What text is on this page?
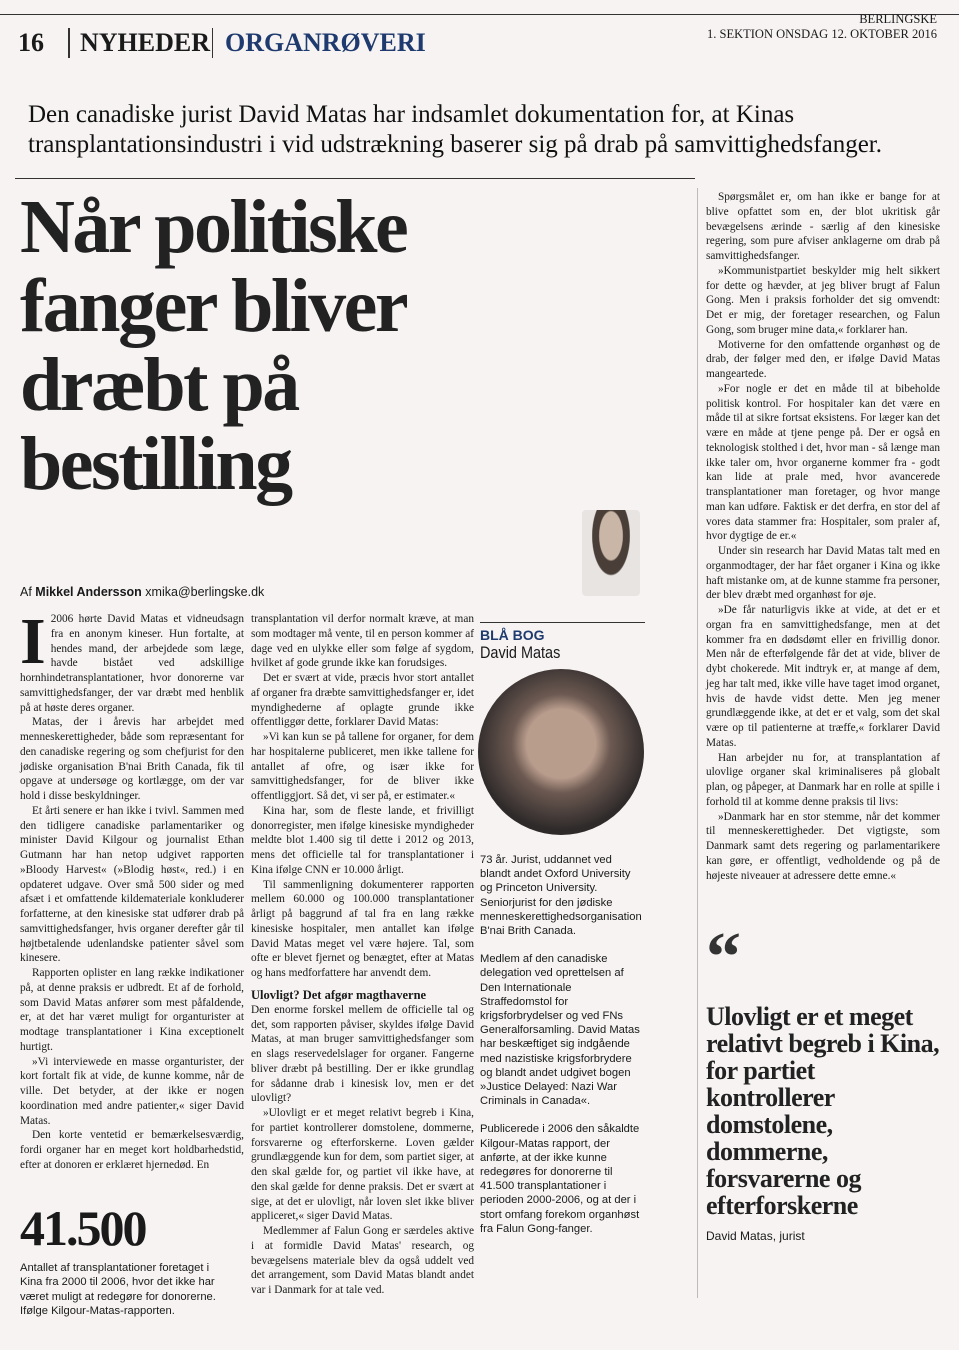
16	NYHEDER ORGANRØVERI
BERLINGSKE
1. SEKTION ONSDAG 12. OKTOBER 2016
Den canadiske jurist David Matas har indsamlet dokumentation for, at Kinas transplantationsindustri i vid udstrækning baserer sig på drab på samvittighedsfanger.
Når politiske fanger bliver dræbt på bestilling
Af Mikkel Andersson xmika@berlingske.dk

I 2006 hørte David Matas et vidneudsagn fra en anonym kineser. Hun fortalte, at hendes mand, der arbejdede som læge, havde bistået ved adskillige hornhindetransplantationer, hvor donorerne var samvittighedsfanger, der var dræbt med henblik på at høste deres organer.

Matas, der i årevis har arbejdet med menneskerettigheder, både som repræsentant for den canadiske regering og som chefjurist for den jødiske organisation B'nai Brith Canada, fik til opgave at undersøge og kortlægge, om der var hold i disse beskyldninger.

Et årti senere er han ikke i tvivl. Sammen med den tidligere canadiske parlamentariker og minister David Kilgour og journalist Ethan Gutmann har han netop udgivet rapporten »Bloody Harvest« (»Blodig høst«, red.) i en opdateret udgave. Over små 500 sider og med afsæt i et omfattende kildemateriale konkluderer forfatterne, at den kinesiske stat udfører drab på samvittighedsfanger, hvis organer derefter går til højtbetalende udenlandske patienter såvel som kinesere.

Rapporten oplister en lang række indikationer på, at denne praksis er udbredt. Et af de forhold, som David Matas anfører som mest påfaldende, er, at det har været muligt for organturister at modtage transplantationer i Kina exceptionelt hurtigt.

»Vi interviewede en masse organturister, der kort fortalt fik at vide, de kunne komme, når de ville. Det betyder, at der ikke er nogen koordination med andre patienter,« siger David Matas.

Den korte ventetid er bemærkelsesværdig, fordi organer har en meget kort holdbarhedstid, efter at donoren er erklæret hjernedød. En

41.500
Antallet af transplantationer foretaget i Kina fra 2000 til 2006, hvor det ikke har været muligt at redegøre for donorerne. Ifølge Kilgour-Matas-rapporten.

transplantation vil derfor normalt kræve, at man som modtager må vente, til en person kommer af dage ved en ulykke eller som følge af sygdom, hvilket af gode grunde ikke kan forudsiges.

Det er svært at vide, præcis hvor stort antallet af organer fra dræbte samvittighedsfanger er, idet myndighederne af oplagte grunde ikke offentliggør dette, forklarer David Matas:

»Vi kan kun se på tallene for organer, for dem har hospitalerne publiceret, men ikke tallene for antallet af ofre, og især ikke for samvittighedsfanger, for de bliver ikke offentliggjort. Så det, vi ser på, er estimater.«

Kina har, som de fleste lande, et frivilligt donorregister, men ifølge kinesiske myndigheder meldte blot 1.400 sig til dette i 2012 og 2013, mens det officielle tal for transplantationer i Kina ifølge CNN er 10.000 årligt.

Til sammenligning dokumenterer rapporten mellem 60.000 og 100.000 transplantationer årligt på baggrund af tal fra en lang række kinesiske hospitaler, men antallet kan ifølge David Matas meget vel være højere. Tal, som ofte er blevet fjernet og benægtet, efter at Matas og hans medforfattere har anvendt dem.

Ulovligt? Det afgør magthaverne

Den enorme forskel mellem de officielle tal og det, som rapporten påviser, skyldes ifølge David Matas, at man bruger samvittighedsfanger som en slags reservedelslager for organer. Fangerne bliver dræbt på bestilling. Der er ikke grundlag for sådanne drab i kinesisk lov, men er det ulovligt?

»Ulovligt er et meget relativt begreb i Kina, for partiet kontrollerer domstolene, dommerne, forsvarerne og efterforskerne. Loven gælder grundlæggende kun for dem, som partiet siger, at den skal gælde for, og partiet vil ikke have, at den skal gælde for denne praksis. Det er svært at sige, at det er ulovligt, når loven slet ikke bliver appliceret,« siger David Matas.

Medlemmer af Falun Gong er særdeles aktive i at formidle David Matas' research, og bevægelsens materiale blev da også uddelt ved det arrangement, som David Matas blandt andet var i Danmark for at tale ved.

BLÅ BOG
David Matas

73 år. Jurist, uddannet ved blandt andet Oxford University og Princeton University. Seniorjurist for den jødiske menneskerettighedsorganisation B'nai Brith Canada.

Medlem af den canadiske delegation ved oprettelsen af Den Internationale Straffedomstol for krigsforbrydelser og ved FNs Generalforsamling. David Matas har beskæftiget sig indgående med nazistiske krigsforbrydere og blandt andet udgivet bogen »Justice Delayed: Nazi War Criminals in Canada«.

Publicerede i 2006 den såkaldte Kilgour-Matas rapport, der anførte, at der ikke kunne redegøres for donorerne til 41.500 transplantationer i perioden 2000-2006, og at der i stort omfang forekom organhøst fra Falun Gong-fanger.

Spørgsmålet er, om han ikke er bange for at blive opfattet som en, der blot ukritisk går bevægelsens ærinde - særlig af den kinesiske regering, som pure afviser anklagerne om drab på samvittighedsfanger.

»Kommunistpartiet beskylder mig helt sikkert for dette og hævder, at jeg bliver brugt af Falun Gong. Men i praksis forholder det sig omvendt: Det er mig, der foretager researchen, og Falun Gong, som bruger mine data,« forklarer han.

Motiverne for den omfattende organhøst og de drab, der følger med den, er ifølge David Matas mangeartede.

»For nogle er det en måde til at bibeholde politisk kontrol. For hospitaler kan det være en måde til at sikre fortsat eksistens. For læger kan det være en måde at tjene penge på. Der er også en teknologisk stolthed i det, hvor man - så længe man ikke taler om, hvor organerne kommer fra - godt kan lide at prale med, hvor avancerede transplantationer man foretager, og hvor mange man kan udføre. Faktisk er det derfra, en stor del af vores data stammer fra: Hospitaler, som praler af, hvor dygtige de er.«

Under sin research har David Matas talt med en organmodtager, der har fået organer i Kina og ikke haft mistanke om, at de kunne stamme fra personer, der blev dræbt med organhøst for øje.

»De får naturligvis ikke at vide, at det er et organ fra en samvittighedsfange, men at det kommer fra en dødsdømt eller en frivillig donor. Men når de efterfølgende får det at vide, bliver de dybt chokerede. Mit indtryk er, at mange af dem, jeg har talt med, ikke ville have taget imod organet, hvis de havde vidst dette. Men jeg mener grundlæggende ikke, at det er et valg, som det skal være op til patienterne at træffe,« forklarer David Matas.

Han arbejder nu for, at transplantation af ulovlige organer skal kriminaliseres på globalt plan, og påpeger, at Danmark har en rolle at spille i forhold til at komme denne praksis til livs:

»Danmark har en stor stemme, når det kommer til menneskerettigheder. Det vigtigste, som Danmark samt dets regering og parlamentarikere kan gøre, er offentligt, vedholdende og på de højeste niveauer at adressere dette emne.«

“
Ulovligt er et meget relativt begreb i Kina, for partiet kontrollerer domstolene, dommerne, forsvarerne og efterforskerne
David Matas, jurist
